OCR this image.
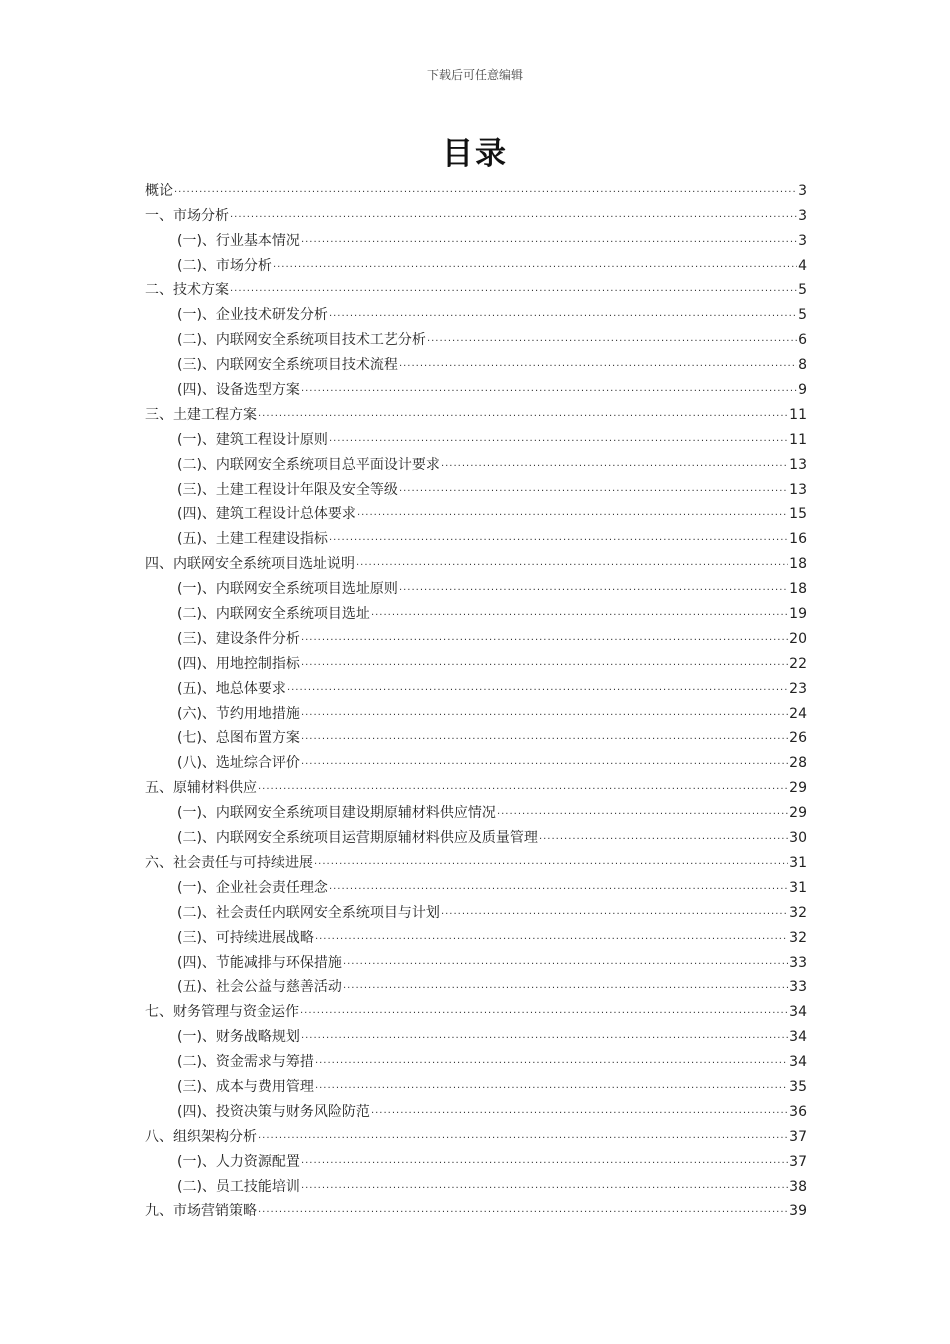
下载后可任意编辑
目录
概论 .....	3
一、市场分析 .....	3
(一)、行业基本情况 .....	3
(二)、市场分析 .....	4
二、技术方案 .....	5
(一)、企业技术研发分析 .....	5
(二)、内联网安全系统项目技术工艺分析 .....	6
(三)、内联网安全系统项目技术流程 .....	8
(四)、设备选型方案 .....	9
三、土建工程方案 .....	11
(一)、建筑工程设计原则 .....	11
(二)、内联网安全系统项目总平面设计要求 .....	13
(三)、土建工程设计年限及安全等级 .....	13
(四)、建筑工程设计总体要求 .....	15
(五)、土建工程建设指标 .....	16
四、内联网安全系统项目选址说明 .....	18
(一)、内联网安全系统项目选址原则 .....	18
(二)、内联网安全系统项目选址 .....	19
(三)、建设条件分析 .....	20
(四)、用地控制指标 .....	22
(五)、地总体要求 .....	23
(六)、节约用地措施 .....	24
(七)、总图布置方案 .....	26
(八)、选址综合评价 .....	28
五、原辅材料供应 .....	29
(一)、内联网安全系统项目建设期原辅材料供应情况 .....	29
(二)、内联网安全系统项目运营期原辅材料供应及质量管理 .....	30
六、社会责任与可持续进展 .....	31
(一)、企业社会责任理念 .....	31
(二)、社会责任内联网安全系统项目与计划 .....	32
(三)、可持续进展战略 .....	32
(四)、节能减排与环保措施 .....	33
(五)、社会公益与慈善活动 .....	33
七、财务管理与资金运作 .....	34
(一)、财务战略规划 .....	34
(二)、资金需求与筹措 .....	34
(三)、成本与费用管理 .....	35
(四)、投资决策与财务风险防范 .....	36
八、组织架构分析 .....	37
(一)、人力资源配置 .....	37
(二)、员工技能培训 .....	38
九、市场营销策略 .....	39
